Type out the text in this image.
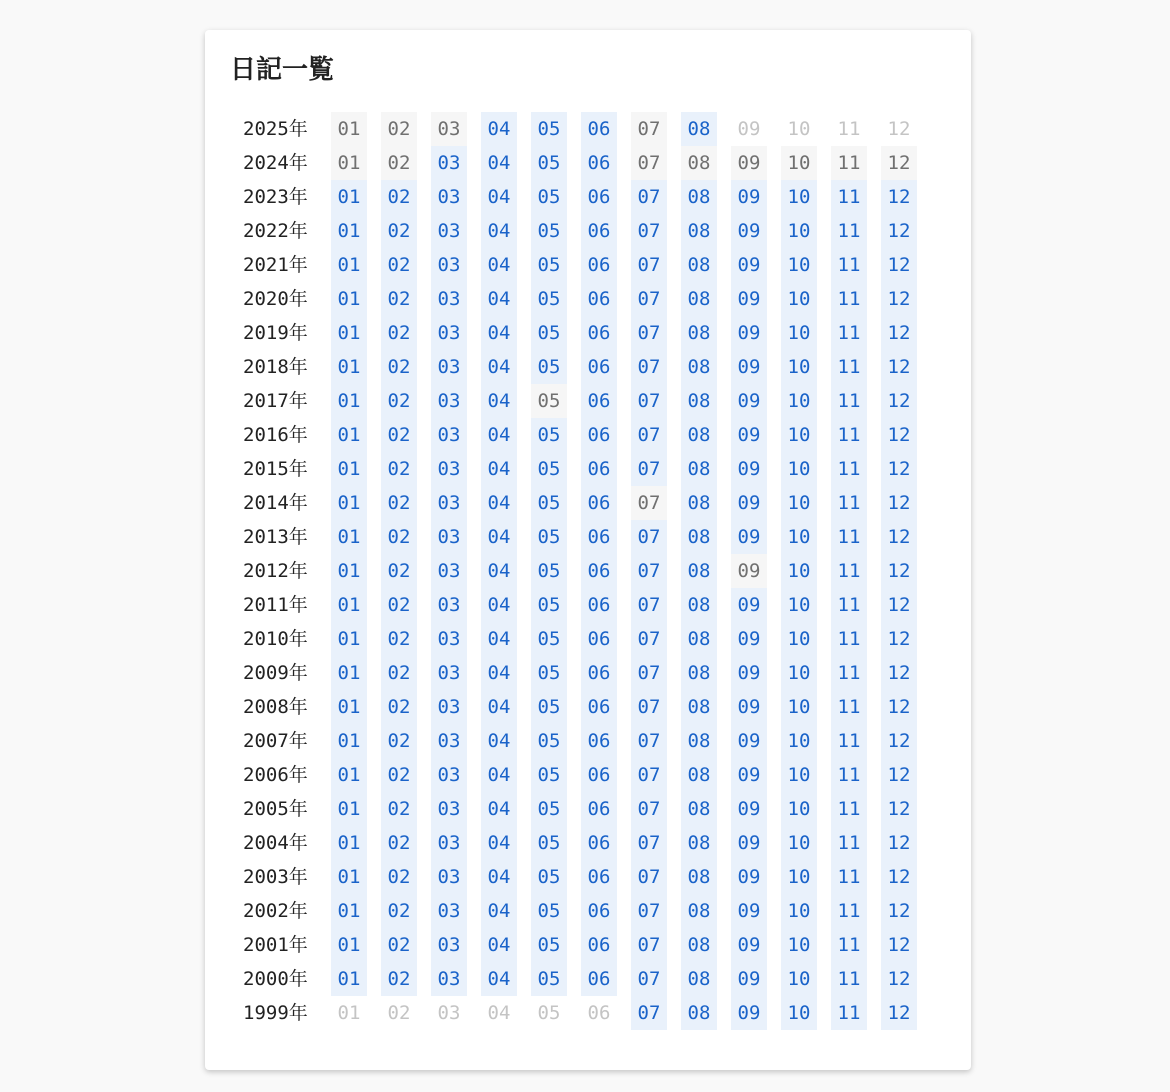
日記一覧
2025年	01	02	03	04	05	06	07	08	09	10	11	12
2024年	01	02	03	04	05	06	07	08	09	10	11	12
2023年	01	02	03	04	05	06	07	08	09	10	11	12
2022年	01	02	03	04	05	06	07	08	09	10	11	12
2021年	01	02	03	04	05	06	07	08	09	10	11	12
2020年	01	02	03	04	05	06	07	08	09	10	11	12
2019年	01	02	03	04	05	06	07	08	09	10	11	12
2018年	01	02	03	04	05	06	07	08	09	10	11	12
2017年	01	02	03	04	05	06	07	08	09	10	11	12
2016年	01	02	03	04	05	06	07	08	09	10	11	12
2015年	01	02	03	04	05	06	07	08	09	10	11	12
2014年	01	02	03	04	05	06	07	08	09	10	11	12
2013年	01	02	03	04	05	06	07	08	09	10	11	12
2012年	01	02	03	04	05	06	07	08	09	10	11	12
2011年	01	02	03	04	05	06	07	08	09	10	11	12
2010年	01	02	03	04	05	06	07	08	09	10	11	12
2009年	01	02	03	04	05	06	07	08	09	10	11	12
2008年	01	02	03	04	05	06	07	08	09	10	11	12
2007年	01	02	03	04	05	06	07	08	09	10	11	12
2006年	01	02	03	04	05	06	07	08	09	10	11	12
2005年	01	02	03	04	05	06	07	08	09	10	11	12
2004年	01	02	03	04	05	06	07	08	09	10	11	12
2003年	01	02	03	04	05	06	07	08	09	10	11	12
2002年	01	02	03	04	05	06	07	08	09	10	11	12
2001年	01	02	03	04	05	06	07	08	09	10	11	12
2000年	01	02	03	04	05	06	07	08	09	10	11	12
1999年	01	02	03	04	05	06	07	08	09	10	11	12
